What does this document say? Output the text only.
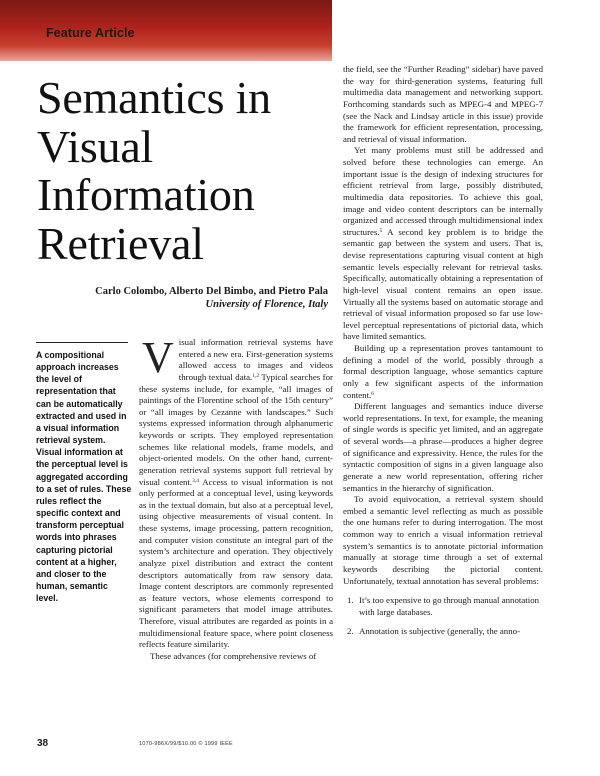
Feature Article
Semantics in
Visual
Information
Retrieval
Carlo Colombo, Alberto Del Bimbo, and Pietro Pala
University of Florence, Italy
A compositional approach increases the level of representation that can be automatically extracted and used in a visual information retrieval system. Visual information at the perceptual level is aggregated according to a set of rules. These rules reflect the specific context and transform perceptual words into phrases capturing pictorial content at a higher, and closer to the human, semantic level.

Visual information retrieval systems have entered a new era. First-generation systems allowed access to images and videos through textual data.$^{1,2}$ Typical searches for these systems include, for example, “all images of paintings of the Florentine school of the 15th century” or “all images by Cezanne with landscapes.” Such systems expressed information through alphanumeric keywords or scripts. They employed representation schemes like relational models, frame models, and object-oriented models. On the other hand, current-generation retrieval systems support full retrieval by visual content.$^{3,4}$ Access to visual information is not only performed at a conceptual level, using keywords as in the textual domain, but also at a perceptual level, using objective measurements of visual content. In these systems, image processing, pattern recognition, and computer vision constitute an integral part of the system’s architecture and operation. They objectively analyze pixel distribution and extract the content descriptors automatically from raw sensory data. Image content descriptors are commonly represented as feature vectors, whose elements correspond to significant parameters that model image attributes. Therefore, visual attributes are regarded as points in a multidimensional feature space, where point closeness reflects feature similarity.

These advances (for comprehensive reviews of

the field, see the “Further Reading” sidebar) have paved the way for third-generation systems, featuring full multimedia data management and networking support. Forthcoming standards such as MPEG-4 and MPEG-7 (see the Nack and Lindsay article in this issue) provide the framework for efficient representation, processing, and retrieval of visual information.

Yet many problems must still be addressed and solved before these technologies can emerge. An important issue is the design of indexing structures for efficient retrieval from large, possibly distributed, multimedia data repositories. To achieve this goal, image and video content descriptors can be internally organized and accessed through multidimensional index structures.$^5$ A second key problem is to bridge the semantic gap between the system and users. That is, devise representations capturing visual content at high semantic levels especially relevant for retrieval tasks. Specifically, automatically obtaining a representation of high-level visual content remains an open issue. Virtually all the systems based on automatic storage and retrieval of visual information proposed so far use low-level perceptual representations of pictorial data, which have limited semantics.

Building up a representation proves tantamount to defining a model of the world, possibly through a formal description language, whose semantics capture only a few significant aspects of the information content.$^6$

Different languages and semantics induce diverse world representations. In text, for example, the meaning of single words is specific yet limited, and an aggregate of several words—a phrase—produces a higher degree of significance and expressivity. Hence, the rules for the syntactic composition of signs in a given language also generate a new world representation, offering richer semantics in the hierarchy of signification.

To avoid equivocation, a retrieval system should embed a semantic level reflecting as much as possible the one humans refer to during interrogation. The most common way to enrich a visual information retrieval system’s semantics is to annotate pictorial information manually at storage time through a set of external keywords describing the pictorial content. Unfortunately, textual annotation has several problems:

1. It’s too expensive to go through manual annotation with large databases.
2. Annotation is subjective (generally, the anno-
38	1070-986X/99/$10.00 © 1999 IEEE
